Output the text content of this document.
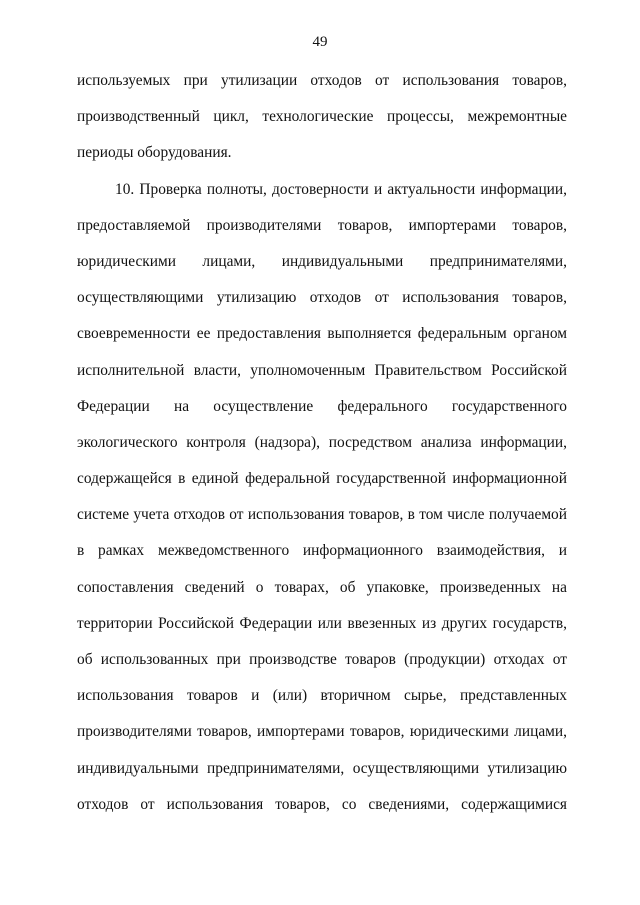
49
используемых при утилизации отходов от использования товаров,
производственный цикл, технологические процессы, межремонтные
периоды оборудования.
10. Проверка полноты, достоверности и актуальности информации,
предоставляемой производителями товаров, импортерами товаров,
юридическими лицами, индивидуальными предпринимателями,
осуществляющими утилизацию отходов от использования товаров,
своевременности ее предоставления выполняется федеральным органом
исполнительной власти, уполномоченным Правительством Российской
Федерации на осуществление федерального государственного
экологического контроля (надзора), посредством анализа информации,
содержащейся в единой федеральной государственной информационной
системе учета отходов от использования товаров, в том числе получаемой
в рамках межведомственного информационного взаимодействия, и
сопоставления сведений о товарах, об упаковке, произведенных на
территории Российской Федерации или ввезенных из других государств,
об использованных при производстве товаров (продукции) отходах от
использования товаров и (или) вторичном сырье, представленных
производителями товаров, импортерами товаров, юридическими лицами,
индивидуальными предпринимателями, осуществляющими утилизацию
отходов от использования товаров, со сведениями, содержащимися
